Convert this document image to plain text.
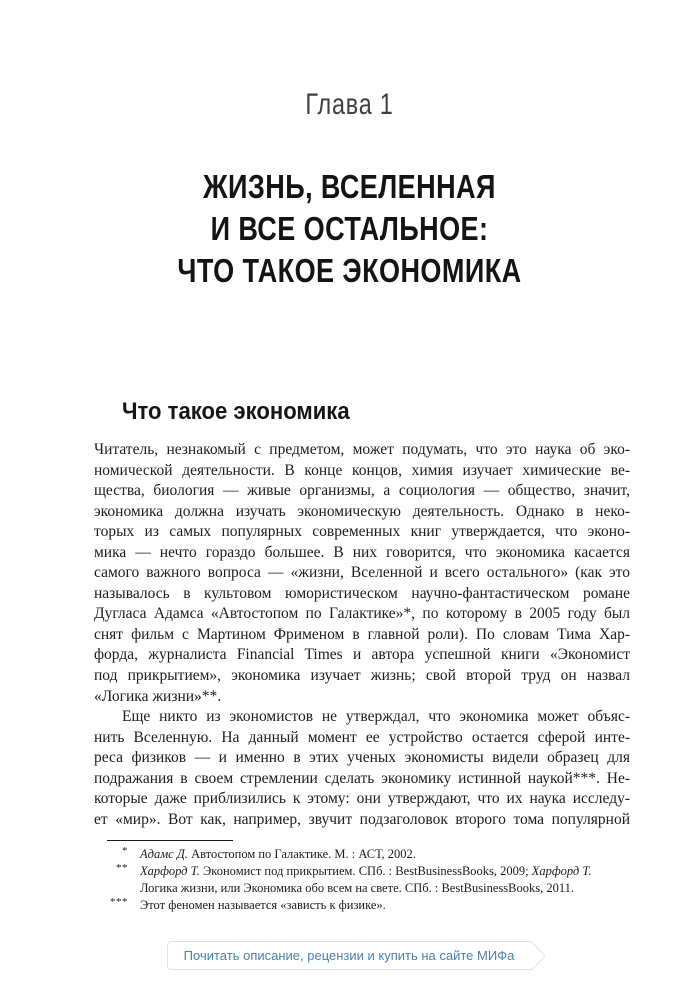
Глава 1
ЖИЗНЬ, ВСЕЛЕННАЯ
И ВСЕ ОСТАЛЬНОЕ:
ЧТО ТАКОЕ ЭКОНОМИКА
Что такое экономика
Читатель, незнакомый с предметом, может подумать, что это наука об эко-
номической деятельности. В конце концов, химия изучает химические ве-
щества, биология — живые организмы, а социология — общество, значит,
экономика должна изучать экономическую деятельность. Однако в неко-
торых из самых популярных современных книг утверждается, что эконо-
мика — нечто гораздо большее. В них говорится, что экономика касается
самого важного вопроса — «жизни, Вселенной и всего остального» (как это
называлось в культовом юмористическом научно-фантастическом романе
Дугласа Адамса «Автостопом по Галактике»*, по которому в 2005 году был
снят фильм с Мартином Фрименом в главной роли). По словам Тима Хар-
форда, журналиста Financial Times и автора успешной книги «Экономист
под прикрытием», экономика изучает жизнь; свой второй труд он назвал
«Логика жизни»**.
Еще никто из экономистов не утверждал, что экономика может объяс-
нить Вселенную. На данный момент ее устройство остается сферой инте-
реса физиков — и именно в этих ученых экономисты видели образец для
подражания в своем стремлении сделать экономику истинной наукой***. Не-
которые даже приблизились к этому: они утверждают, что их наука исследу-
ет «мир». Вот как, например, звучит подзаголовок второго тома популярной
* Адамс Д. Автостопом по Галактике. М. : АСТ, 2002.
** Харфорд Т. Экономист под прикрытием. СПб. : BestBusinessBooks, 2009; Харфорд Т. Логика жизни, или Экономика обо всем на свете. СПб. : BestBusinessBooks, 2011.
*** Этот феномен называется «зависть к физике».
Почитать описание, рецензии и купить на сайте МИФа
